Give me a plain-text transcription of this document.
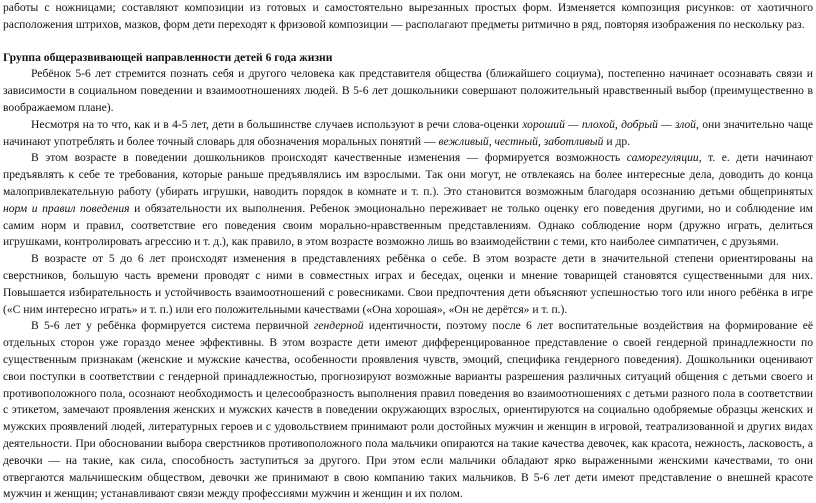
работы с ножницами; составляют композиции из готовых и самостоятельно вырезанных простых форм. Изменяется композиция рисунков: от хаотичного расположения штрихов, мазков, форм дети переходят к фризовой композиции — располагают предметы ритмично в ряд, повторяя изображения по нескольку раз.

Группа общеразвивающей направленности детей 6 года жизни

Ребёнок 5-6 лет стремится познать себя и другого человека как представителя общества (ближайшего социума), постепенно начинает осознавать связи и зависимости в социальном поведении и взаимоотношениях людей. В 5-6 лет дошкольники совершают положительный нравственный выбор (преимущественно в воображаемом плане).

Несмотря на то что, как и в 4-5 лет, дети в большинстве случаев используют в речи слова-оценки хороший — плохой, добрый — злой, они значительно чаще начинают употреблять и более точный словарь для обозначения моральных понятий — вежливый, честный, заботливый и др.

В этом возрасте в поведении дошкольников происходят качественные изменения — формируется возможность саморегуляции, т. е. дети начинают предъявлять к себе те требования, которые раньше предъявлялись им взрослыми. Так они могут, не отвлекаясь на более интересные дела, доводить до конца малопривлекательную работу (убирать игрушки, наводить порядок в комнате и т. п.). Это становится возможным благодаря осознанию детьми общепринятых норм и правил поведения и обязательности их выполнения. Ребенок эмоционально переживает не только оценку его поведения другими, но и соблюдение им самим норм и правил, соответствие его поведения своим морально-нравственным представлениям. Однако соблюдение норм (дружно играть, делиться игрушками, контролировать агрессию и т. д.), как правило, в этом возрасте возможно лишь во взаимодействии с теми, кто наиболее симпатичен, с друзьями.

В возрасте от 5 до 6 лет происходят изменения в представлениях ребёнка о себе. В этом возрасте дети в значительной степени ориентированы на сверстников, большую часть времени проводят с ними в совместных играх и беседах, оценки и мнение товарищей становятся существенными для них. Повышается избирательность и устойчивость взаимоотношений с ровесниками. Свои предпочтения дети объясняют успешностью того или иного ребёнка в игре («С ним интересно играть» и т. п.) или его положительными качествами («Она хорошая», «Он не дерётся» и т. п.).

В 5-6 лет у ребёнка формируется система первичной гендерной идентичности, поэтому после 6 лет воспитательные воздействия на формирование её отдельных сторон уже гораздо менее эффективны. В этом возрасте дети имеют дифференцированное представление о своей гендерной принадлежности по существенным признакам (женские и мужские качества, особенности проявления чувств, эмоций, специфика гендерного поведения). Дошкольники оценивают свои поступки в соответствии с гендерной принадлежностью, прогнозируют возможные варианты разрешения различных ситуаций общения с детьми своего и противоположного пола, осознают необходимость и целесообразность выполнения правил поведения во взаимоотношениях с детьми разного пола в соответствии с этикетом, замечают проявления женских и мужских качеств в поведении окружающих взрослых, ориентируются на социально одобряемые образцы женских и мужских проявлений людей, литературных героев и с удовольствием принимают роли достойных мужчин и женщин в игровой, театрализованной и других видах деятельности. При обосновании выбора сверстников противоположного пола мальчики опираются на такие качества девочек, как красота, нежность, ласковость, а девочки — на такие, как сила, способность заступиться за другого. При этом если мальчики обладают ярко выраженными женскими качествами, то они отвергаются мальчишеским обществом, девочки же принимают в свою компанию таких мальчиков. В 5-6 лет дети имеют представление о внешней красоте мужчин и женщин; устанавливают связи между профессиями мужчин и женщин и их полом.
